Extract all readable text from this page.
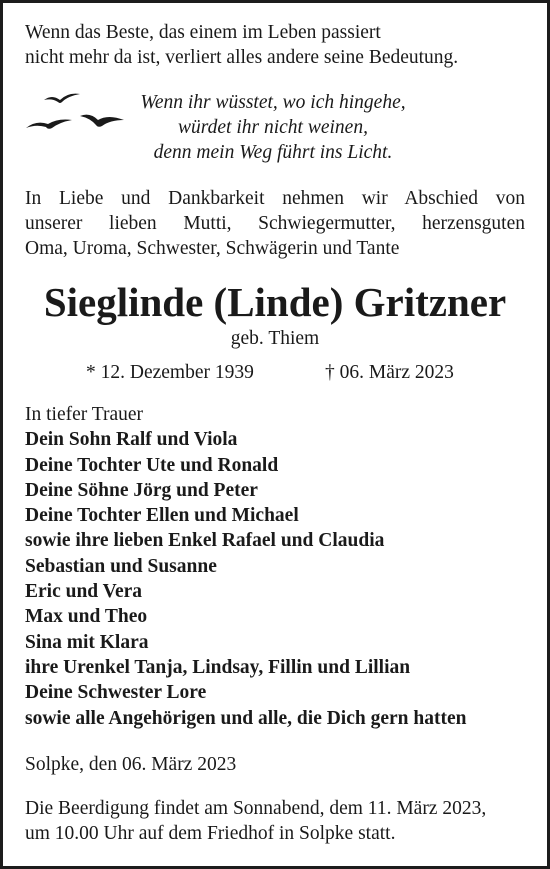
Wenn das Beste, das einem im Leben passiert
nicht mehr da ist, verliert alles andere seine Bedeutung.
Wenn ihr wüsstet, wo ich hingehe,
würdet ihr nicht weinen,
denn mein Weg führt ins Licht.
In Liebe und Dankbarkeit nehmen wir Abschied von
unserer lieben Mutti, Schwiegermutter, herzensguten
Oma, Uroma, Schwester, Schwägerin und Tante
Sieglinde (Linde) Gritzner
geb. Thiem
* 12. Dezember 1939	† 06. März 2023
In tiefer Trauer
Dein Sohn Ralf und Viola
Deine Tochter Ute und Ronald
Deine Söhne Jörg und Peter
Deine Tochter Ellen und Michael
sowie ihre lieben Enkel Rafael und Claudia
Sebastian und Susanne
Eric und Vera
Max und Theo
Sina mit Klara
ihre Urenkel Tanja, Lindsay, Fillin und Lillian
Deine Schwester Lore
sowie alle Angehörigen und alle, die Dich gern hatten
Solpke, den 06. März 2023
Die Beerdigung findet am Sonnabend, dem 11. März 2023,
um 10.00 Uhr auf dem Friedhof in Solpke statt.
